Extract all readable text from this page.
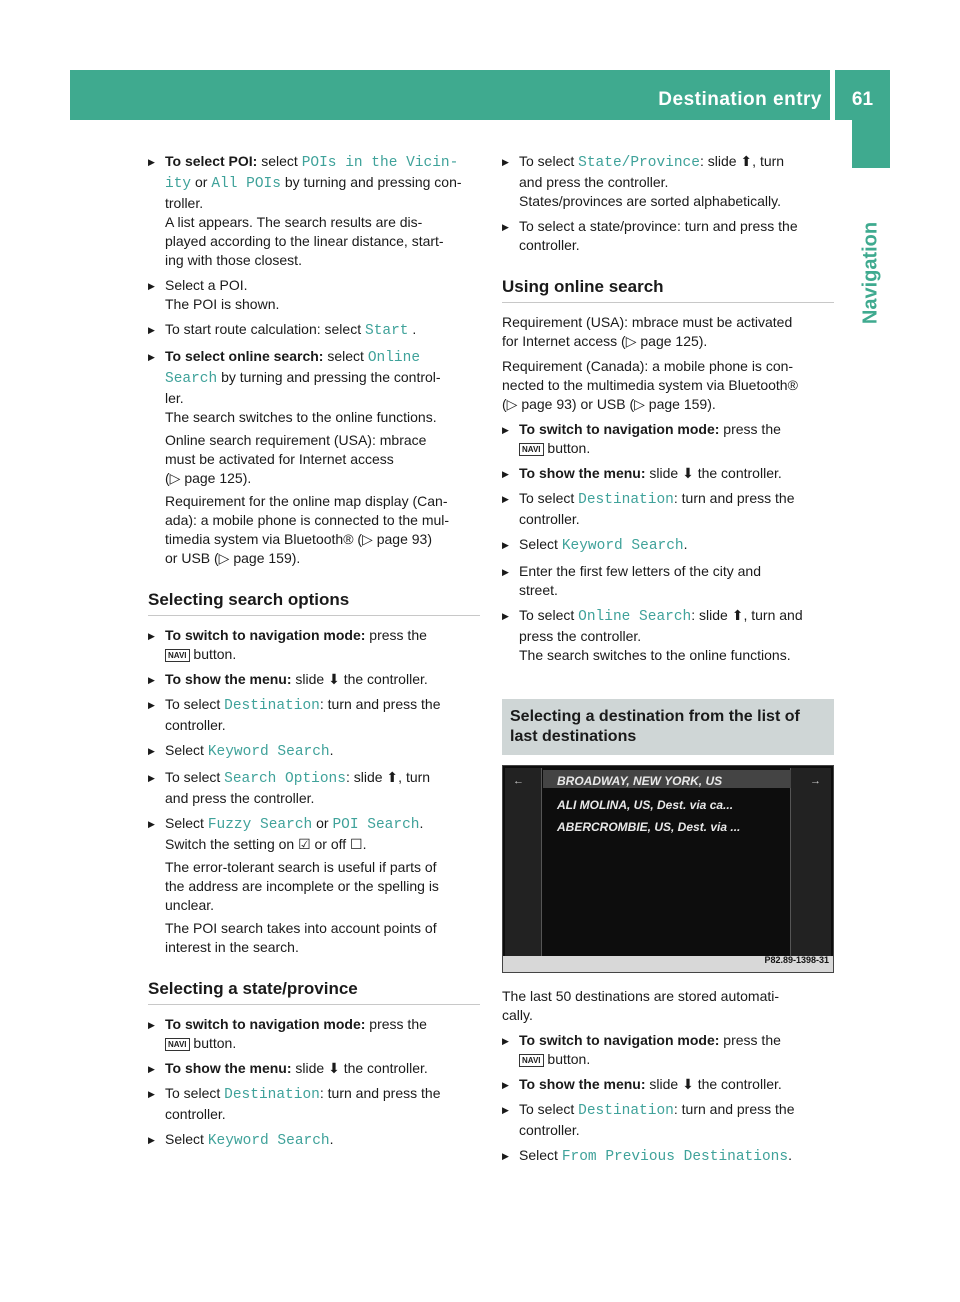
Destination entry	61
Navigation

▶ To select POI: select POIs in the Vicin-

ity or All POIs by turning and pressing con-

troller.

A list appears. The search results are dis-

played according to the linear distance, start-

ing with those closest.

▶ Select a POI.

The POI is shown.

▶ To start route calculation: select Start .

▶ To select online search: select Online

Search by turning and pressing the control-

ler.

The search switches to the online functions.

Online search requirement (USA): mbrace

must be activated for Internet access

(▷ page 125).

Requirement for the online map display (Can-

ada): a mobile phone is connected to the mul-

timedia system via Bluetooth® (▷ page 93)

or USB (▷ page 159).

Selecting search options

▶ To switch to navigation mode: press the

NAVI button.

▶ To show the menu: slide ⬇ the controller.

▶ To select Destination: turn and press the

controller.

▶ Select Keyword Search.

▶ To select Search Options: slide ⬆, turn

and press the controller.

▶ Select Fuzzy Search or POI Search.

Switch the setting on ☑ or off ☐.

The error-tolerant search is useful if parts of

the address are incomplete or the spelling is

unclear.

The POI search takes into account points of

interest in the search.

Selecting a state/province

▶ To switch to navigation mode: press the

NAVI button.

▶ To show the menu: slide ⬇ the controller.

▶ To select Destination: turn and press the

controller.

▶ Select Keyword Search.

▶ To select State/Province: slide ⬆, turn

and press the controller.

States/provinces are sorted alphabetically.

▶ To select a state/province: turn and press the

controller.

Using online search

Requirement (USA): mbrace must be activated
for Internet access (▷ page 125).

Requirement (Canada): a mobile phone is con-
nected to the multimedia system via Bluetooth®
(▷ page 93) or USB (▷ page 159).

▶ To switch to navigation mode: press the

NAVI button.

▶ To show the menu: slide ⬇ the controller.

▶ To select Destination: turn and press the

controller.

▶ Select Keyword Search.

▶ Enter the first few letters of the city and

street.

▶ To select Online Search: slide ⬆, turn and

press the controller.

The search switches to the online functions.

Selecting a destination from the list of last destinations
←	→
BROADWAY, NEW YORK, US
ALI MOLINA, US, Dest. via ca...
ABERCROMBIE, US, Dest. via ...
P82.89-1398-31

The last 50 destinations are stored automati-
cally.

▶ To switch to navigation mode: press the

NAVI button.

▶ To show the menu: slide ⬇ the controller.

▶ To select Destination: turn and press the

controller.

▶ Select From Previous Destinations.
